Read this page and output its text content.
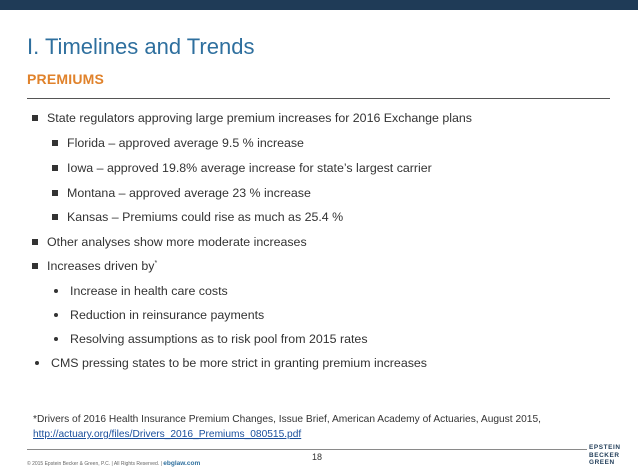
I. Timelines and Trends
PREMIUMS
State regulators approving large premium increases for 2016 Exchange plans
Florida – approved average 9.5 % increase
Iowa – approved 19.8% average increase for state’s largest carrier
Montana – approved average 23 % increase
Kansas – Premiums could rise as much as 25.4 %
Other analyses show more moderate increases
Increases driven by*
Increase in health care costs
Reduction in reinsurance payments
Resolving assumptions as to risk pool from 2015 rates
CMS pressing states to be more strict in granting premium increases
*Drivers of 2016 Health Insurance Premium Changes, Issue Brief, American Academy of Actuaries, August 2015,
http://actuary.org/files/Drivers_2016_Premiums_080515.pdf
18
© 2015 Epstein Becker & Green, P.C. | All Rights Reserved. | ebglaw.com
EPSTEIN
BECKER
GREEN
